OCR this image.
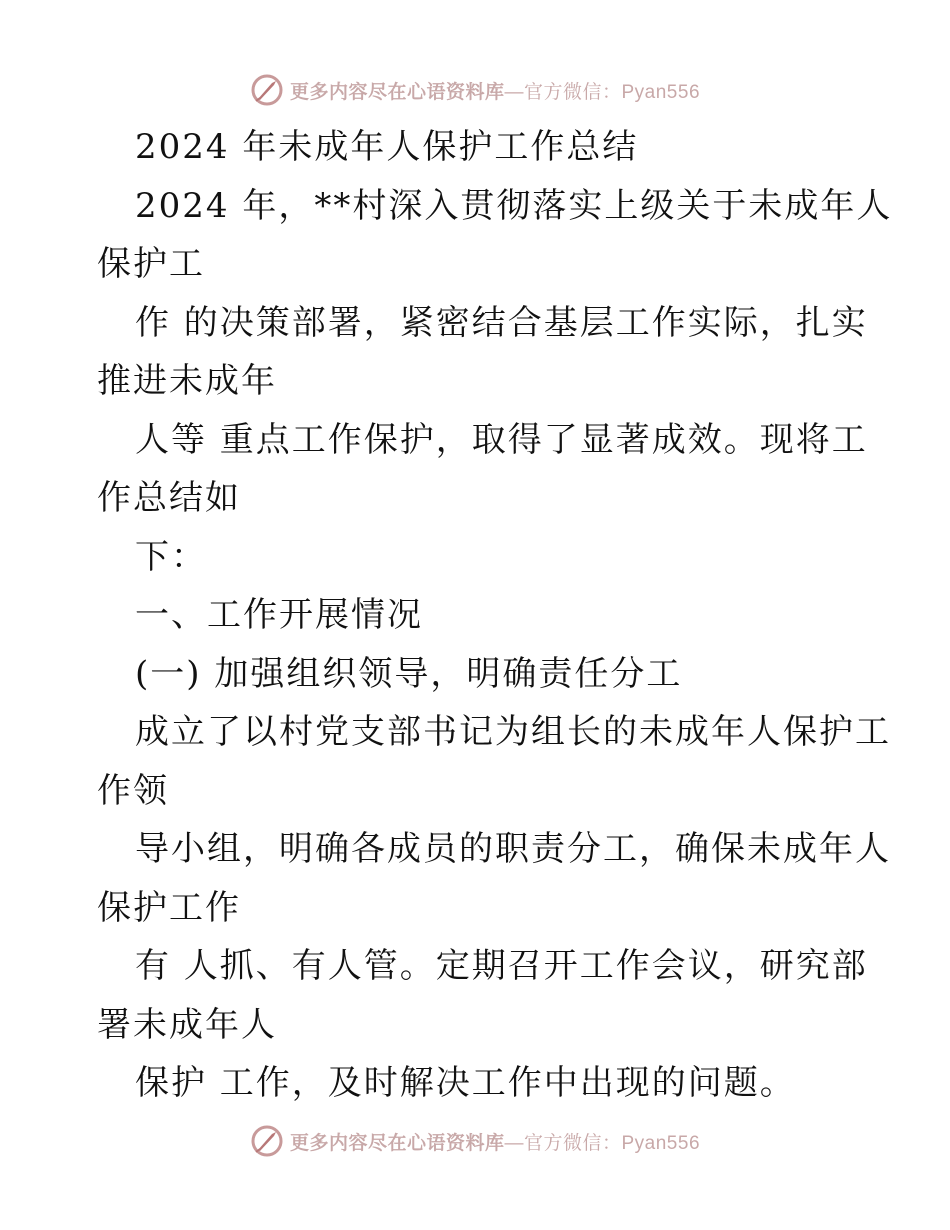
更多内容尽在心语资料库—官方微信：Pyan556
2024 年未成年人保护工作总结
2024 年，**村深入贯彻落实上级关于未成年人
保护工
作 的决策部署，紧密结合基层工作实际，扎实
推进未成年
人等 重点工作保护，取得了显著成效。现将工
作总结如
下：
一、工作开展情况
(一) 加强组织领导，明确责任分工
成立了以村党支部书记为组长的未成年人保护工
作领
导小组，明确各成员的职责分工，确保未成年人
保护工作
有 人抓、有人管。定期召开工作会议，研究部
署未成年人
保护 工作，及时解决工作中出现的问题。
更多内容尽在心语资料库—官方微信：Pyan556
